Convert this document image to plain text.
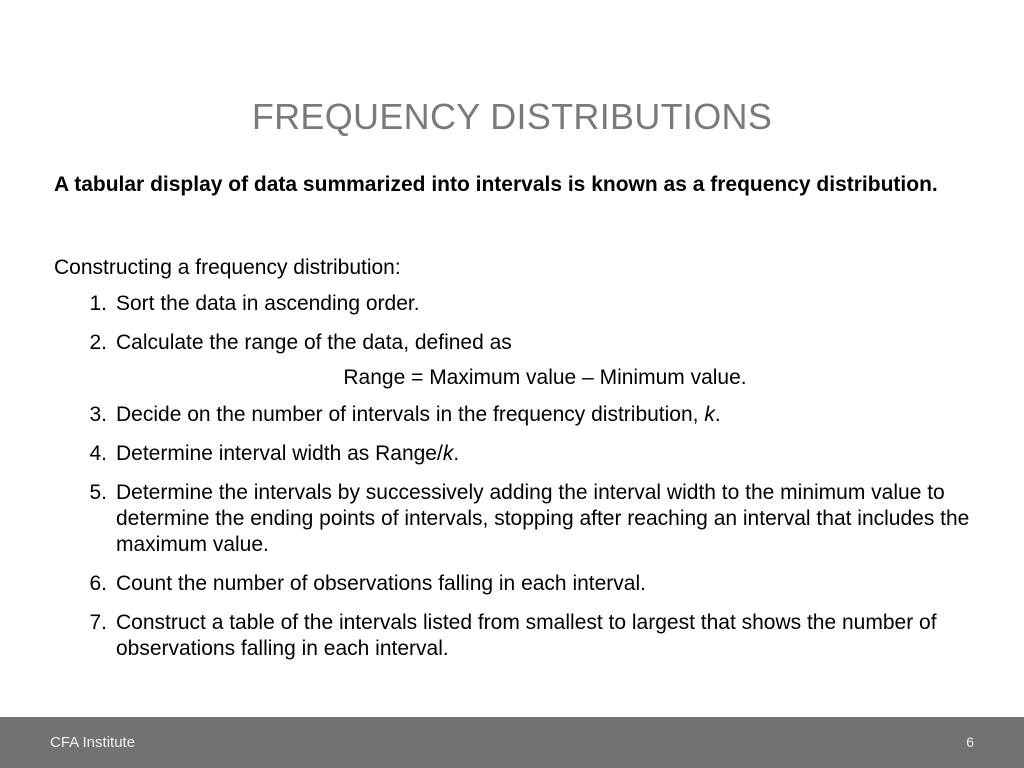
FREQUENCY DISTRIBUTIONS
A tabular display of data summarized into intervals is known as a frequency distribution.

Constructing a frequency distribution:

1. Sort the data in ascending order.
2. Calculate the range of the data, defined as
Range = Maximum value – Minimum value.
3. Decide on the number of intervals in the frequency distribution, k.
4. Determine interval width as Range/k.
5. Determine the intervals by successively adding the interval width to the minimum value to determine the ending points of intervals, stopping after reaching an interval that includes the maximum value.
6. Count the number of observations falling in each interval.
7. Construct a table of the intervals listed from smallest to largest that shows the number of observations falling in each interval.
CFA Institute	6
